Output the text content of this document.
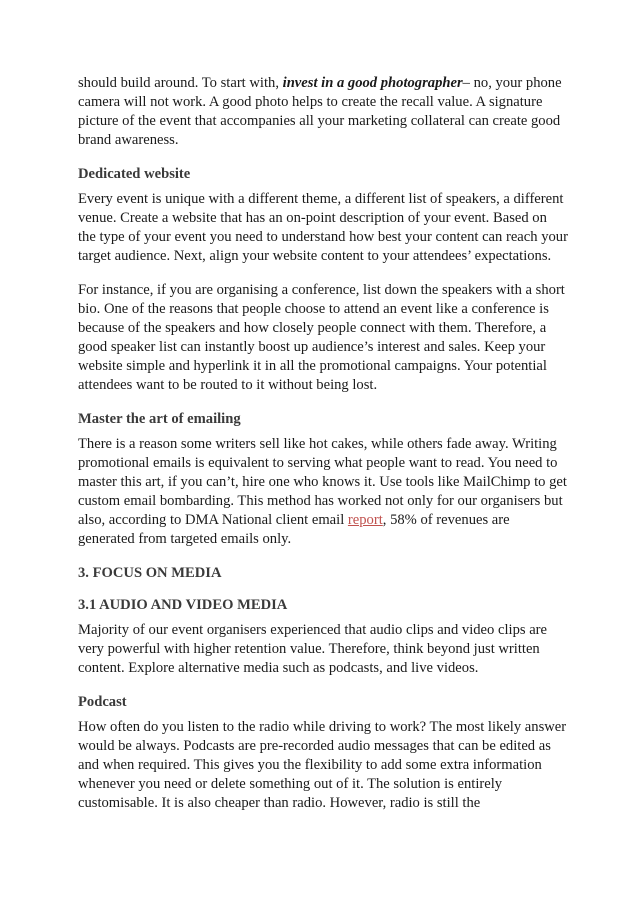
should build around. To start with, invest in a good photographer– no, your phone camera will not work. A good photo helps to create the recall value. A signature picture of the event that accompanies all your marketing collateral can create good brand awareness.

Dedicated website

Every event is unique with a different theme, a different list of speakers, a different venue. Create a website that has an on-point description of your event. Based on the type of your event you need to understand how best your content can reach your target audience. Next, align your website content to your attendees’ expectations.

For instance, if you are organising a conference, list down the speakers with a short bio. One of the reasons that people choose to attend an event like a conference is because of the speakers and how closely people connect with them. Therefore, a good speaker list can instantly boost up audience’s interest and sales. Keep your website simple and hyperlink it in all the promotional campaigns. Your potential attendees want to be routed to it without being lost.

Master the art of emailing

There is a reason some writers sell like hot cakes, while others fade away. Writing promotional emails is equivalent to serving what people want to read. You need to master this art, if you can’t, hire one who knows it. Use tools like MailChimp to get custom email bombarding. This method has worked not only for our organisers but also, according to DMA National client email report, 58% of revenues are generated from targeted emails only.

3. FOCUS ON MEDIA
3.1 AUDIO AND VIDEO MEDIA

Majority of our event organisers experienced that audio clips and video clips are very powerful with higher retention value. Therefore, think beyond just written content. Explore alternative media such as podcasts, and live videos.

Podcast

How often do you listen to the radio while driving to work? The most likely answer would be always. Podcasts are pre-recorded audio messages that can be edited as and when required. This gives you the flexibility to add some extra information whenever you need or delete something out of it. The solution is entirely customisable. It is also cheaper than radio. However, radio is still the
